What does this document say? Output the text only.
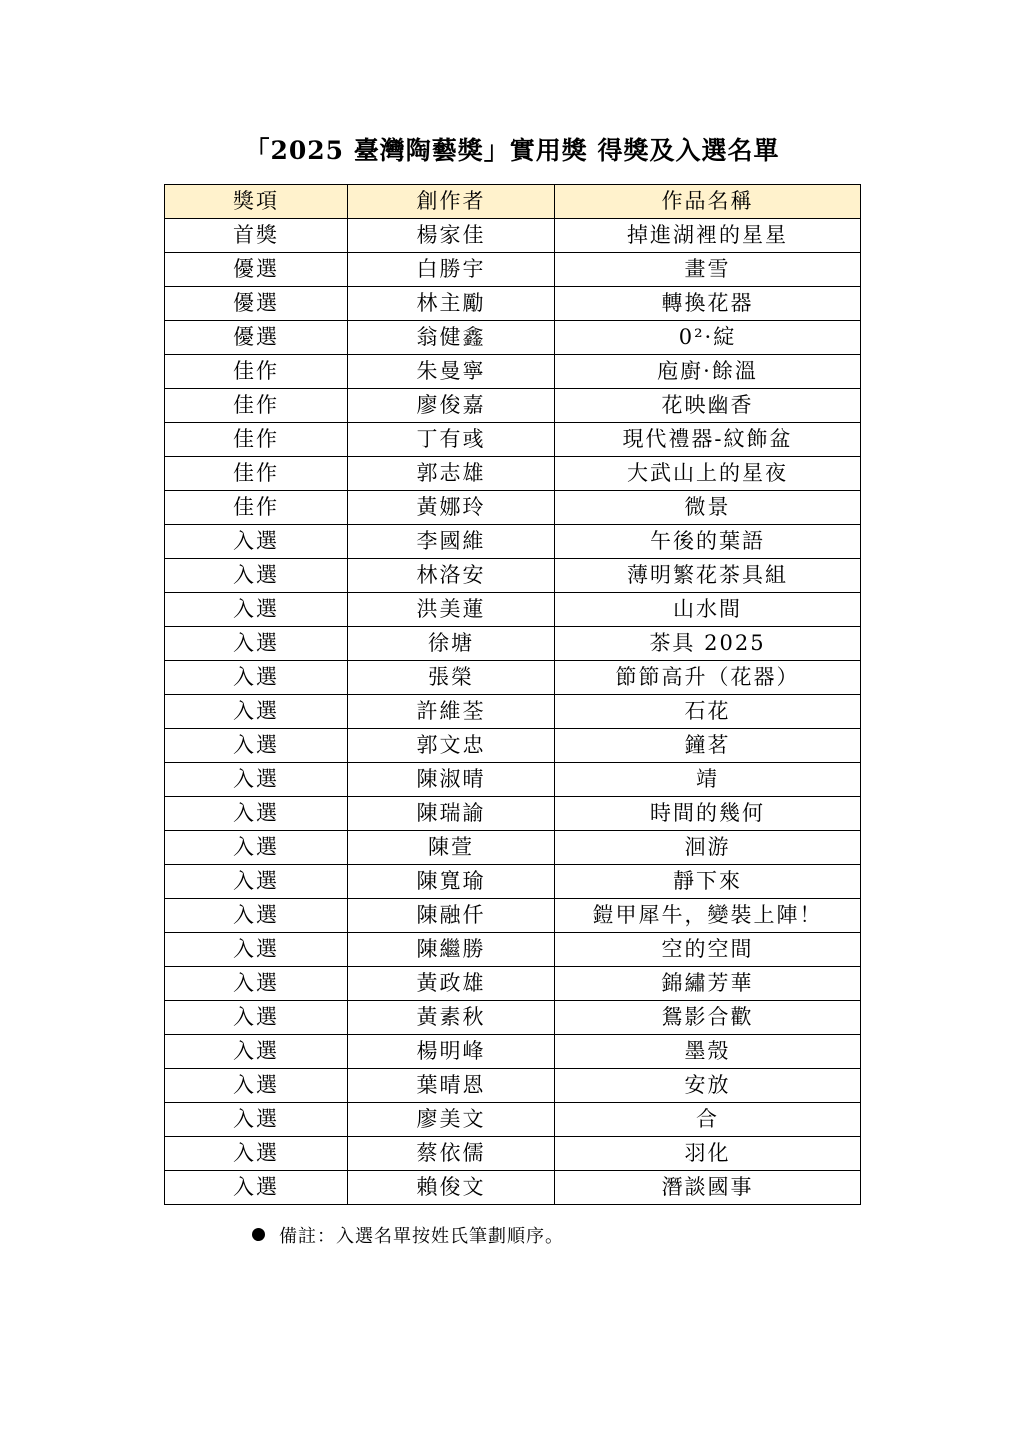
「2025 臺灣陶藝獎」實用獎 得獎及入選名單
獎項	創作者	作品名稱
首獎	楊家佳	掉進湖裡的星星
優選	白勝宇	畫雪
優選	林主勵	轉換花器
優選	翁健鑫	0²·綻
佳作	朱曼寧	庖廚·餘溫
佳作	廖俊嘉	花映幽香
佳作	丁有彧	現代禮器-紋飾盆
佳作	郭志雄	大武山上的星夜
佳作	黃娜玲	微景
入選	李國維	午後的葉語
入選	林洛安	薄明繁花茶具組
入選	洪美蓮	山水間
入選	徐塘	茶具 2025
入選	張榮	節節高升（花器）
入選	許維荃	石花
入選	郭文忠	鐘茗
入選	陳淑晴	靖
入選	陳瑞諭	時間的幾何
入選	陳萱	洄游
入選	陳寬瑜	靜下來
入選	陳融仟	鎧甲犀牛，變裝上陣！
入選	陳繼勝	空的空間
入選	黃政雄	錦繡芳華
入選	黃素秋	鴛影合歡
入選	楊明峰	墨殼
入選	葉晴恩	安放
入選	廖美文	合
入選	蔡依儒	羽化
入選	賴俊文	潛談國事
備註：入選名單按姓氏筆劃順序。
